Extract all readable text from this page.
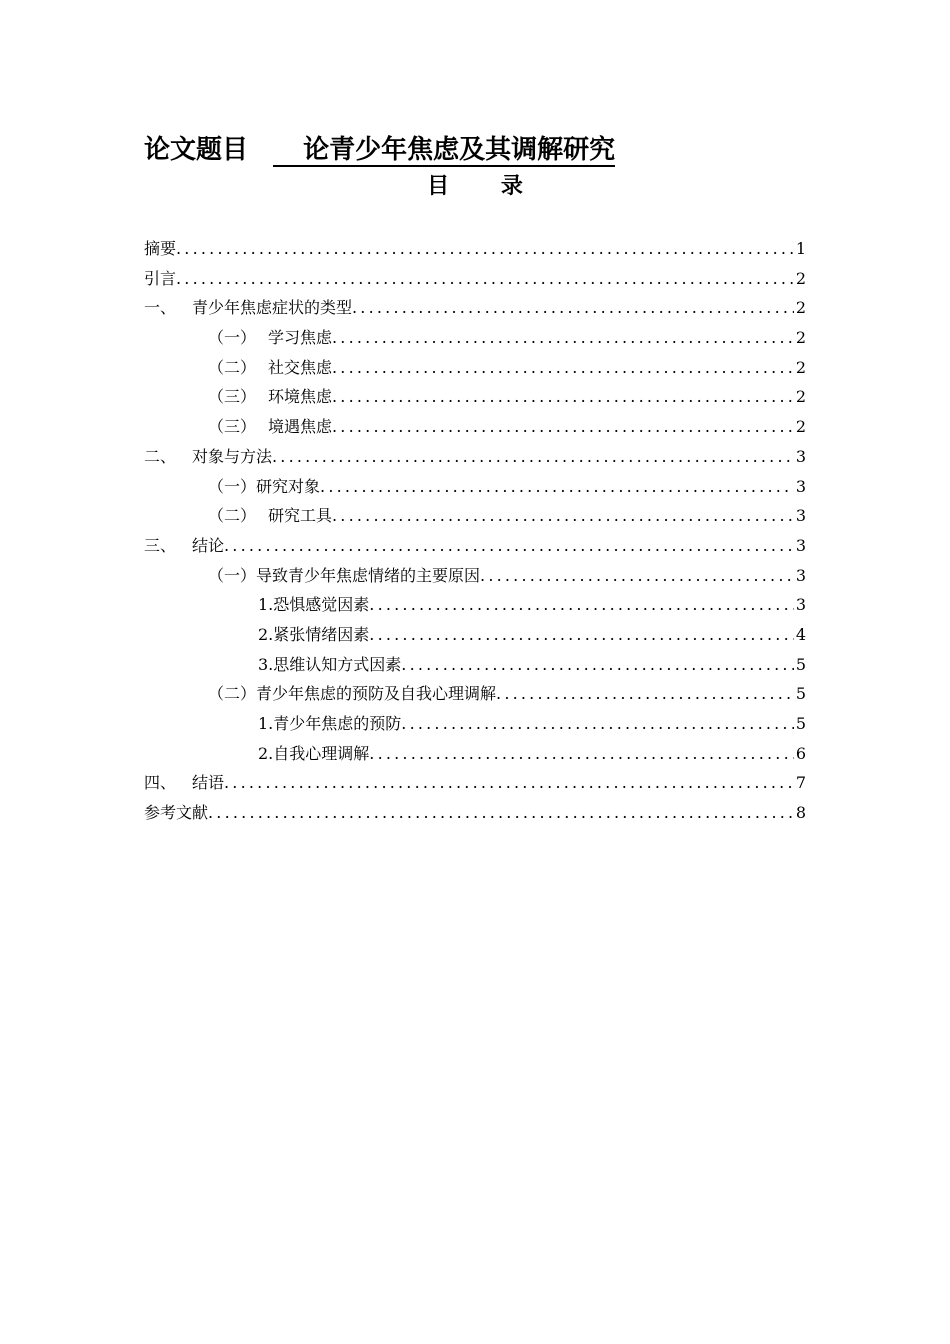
论文题目 论青少年焦虑及其调解研究
目 录
摘要 .....	1
引言 .....	2
一、 青少年焦虑症状的类型 .....	2
（一） 学习焦虑 .....	2
（二） 社交焦虑 .....	2
（三） 环境焦虑 .....	2
（三） 境遇焦虑 .....	2
二、 对象与方法 .....	3
（一） 研究对象 .....	3
（二） 研究工具 .....	3
三、 结论 .....	3
（一） 导致青少年焦虑情绪的主要原因 .....	3
1. 恐惧感觉因素 .....	3
2. 紧张情绪因素 .....	4
3. 思维认知方式因素 .....	5
（二） 青少年焦虑的预防及自我心理调解 .....	5
1. 青少年焦虑的预防 .....	5
2. 自我心理调解 .....	6
四、 结语 .....	7
参考文献 .....	8
